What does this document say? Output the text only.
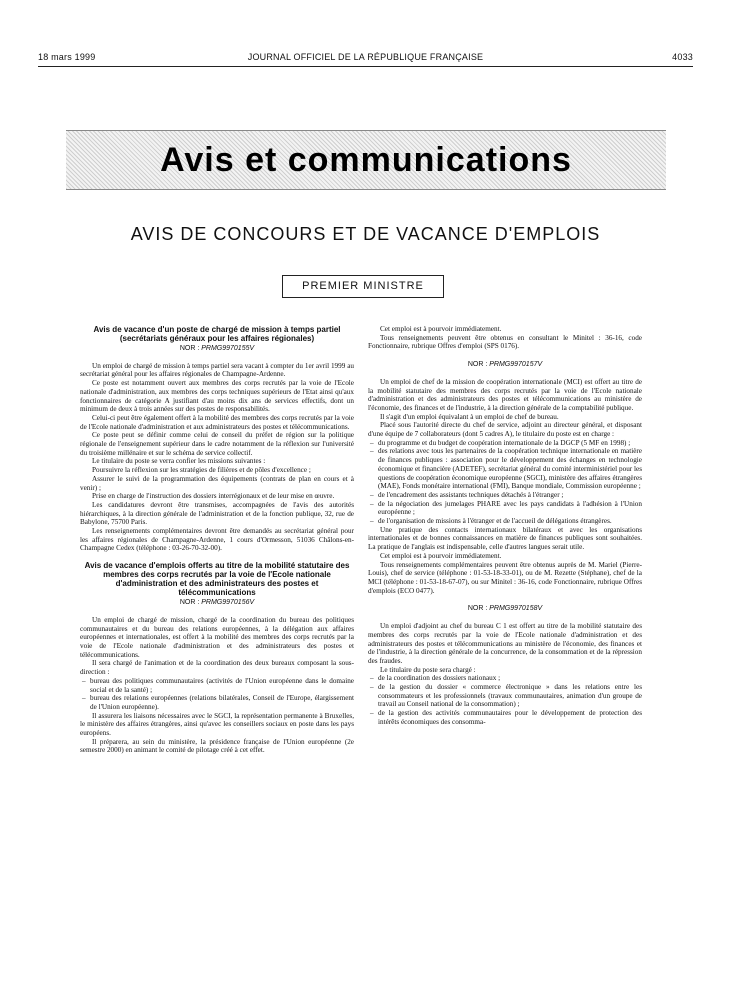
18 mars 1999	JOURNAL OFFICIEL DE LA RÉPUBLIQUE FRANÇAISE	4033
Avis et communications
AVIS DE CONCOURS ET DE VACANCE D'EMPLOIS
PREMIER MINISTRE
Avis de vacance d'un poste de chargé de mission à temps partiel (secrétariats généraux pour les affaires régionales)
NOR : PRMG9970155V

Un emploi de chargé de mission à temps partiel sera vacant à compter du 1er avril 1999 au secrétariat général pour les affaires régionales de Champagne-Ardenne.

Ce poste est notamment ouvert aux membres des corps recrutés par la voie de l'Ecole nationale d'administration, aux membres des corps techniques supérieurs de l'Etat ainsi qu'aux fonctionnaires de catégorie A justifiant d'au moins dix ans de services effectifs, dont un minimum de deux à trois années sur des postes de responsabilités.

Celui-ci peut être également offert à la mobilité des membres des corps recrutés par la voie de l'Ecole nationale d'administration et aux administrateurs des postes et télécommunications.

Ce poste peut se définir comme celui de conseil du préfet de région sur la politique régionale de l'enseignement supérieur dans le cadre notamment de la réflexion sur l'université du troisième millénaire et sur le schéma de service collectif.

Le titulaire du poste se verra confier les missions suivantes :

Poursuivre la réflexion sur les stratégies de filières et de pôles d'excellence ;

Assurer le suivi de la programmation des équipements (contrats de plan en cours et à venir) ;

Prise en charge de l'instruction des dossiers interrégionaux et de leur mise en œuvre.

Les candidatures devront être transmises, accompagnées de l'avis des autorités hiérarchiques, à la direction générale de l'administration et de la fonction publique, 32, rue de Babylone, 75700 Paris.

Les renseignements complémentaires devront être demandés au secrétariat général pour les affaires régionales de Champagne-Ardenne, 1 cours d'Ormesson, 51036 Châlons-en-Champagne Cedex (téléphone : 03-26-70-32-00).

Avis de vacance d'emplois offerts au titre de la mobilité statutaire des membres des corps recrutés par la voie de l'Ecole nationale d'administration et des administrateurs des postes et télécommunications
NOR : PRMG9970156V

Un emploi de chargé de mission, chargé de la coordination du bureau des politiques communautaires et du bureau des relations européennes, à la délégation aux affaires européennes et internationales, est offert à la mobilité des membres des corps recrutés par la voie de l'Ecole nationale d'administration et des administrateurs des postes et télécommunications.

Il sera chargé de l'animation et de la coordination des deux bureaux composant la sous-direction :

– bureau des politiques communautaires (activités de l'Union européenne dans le domaine social et de la santé) ;
– bureau des relations européennes (relations bilatérales, Conseil de l'Europe, élargissement de l'Union européenne).

Il assurera les liaisons nécessaires avec le SGCI, la représentation permanente à Bruxelles, le ministère des affaires étrangères, ainsi qu'avec les conseillers sociaux en poste dans les pays européens.

Il préparera, au sein du ministère, la présidence française de l'Union européenne (2e semestre 2000) en animant le comité de pilotage créé à cet effet.

Cet emploi est à pourvoir immédiatement.

Tous renseignements peuvent être obtenus en consultant le Minitel : 36-16, code Fonctionnaire, rubrique Offres d'emploi (SPS 0176).

NOR : PRMG9970157V

Un emploi de chef de la mission de coopération internationale (MCI) est offert au titre de la mobilité statutaire des membres des corps recrutés par la voie de l'Ecole nationale d'administration et des administrateurs des postes et télécommunications au ministère de l'économie, des finances et de l'industrie, à la direction générale de la comptabilité publique.

Il s'agit d'un emploi équivalant à un emploi de chef de bureau.

Placé sous l'autorité directe du chef de service, adjoint au directeur général, et disposant d'une équipe de 7 collaborateurs (dont 5 cadres A), le titulaire du poste est en charge :

– du programme et du budget de coopération internationale de la DGCP (5 MF en 1998) ;
– des relations avec tous les partenaires de la coopération technique internationale en matière de finances publiques : association pour le développement des échanges en technologie économique et financière (ADETEF), secrétariat général du comité interministériel pour les questions de coopération économique européenne (SGCI), ministère des affaires étrangères (MAE), Fonds monétaire international (FMI), Banque mondiale, Commission européenne ;
– de l'encadrement des assistants techniques détachés à l'étranger ;
– de la négociation des jumelages PHARE avec les pays candidats à l'adhésion à l'Union européenne ;
– de l'organisation de missions à l'étranger et de l'accueil de délégations étrangères.

Une pratique des contacts internationaux bilatéraux et avec les organisations internationales et de bonnes connaissances en matière de finances publiques sont souhaitées. La pratique de l'anglais est indispensable, celle d'autres langues serait utile.

Cet emploi est à pourvoir immédiatement.

Tous renseignements complémentaires peuvent être obtenus auprès de M. Mariel (Pierre-Louis), chef de service (téléphone : 01-53-18-33-01), ou de M. Rezette (Stéphane), chef de la MCI (téléphone : 01-53-18-67-07), ou sur Minitel : 36-16, code Fonctionnaire, rubrique Offres d'emplois (ECO 0477).

NOR : PRMG9970158V

Un emploi d'adjoint au chef du bureau C 1 est offert au titre de la mobilité statutaire des membres des corps recrutés par la voie de l'Ecole nationale d'administration et des administrateurs des postes et télécommunications au ministère de l'économie, des finances et de l'industrie, à la direction générale de la concurrence, de la consommation et de la répression des fraudes.

Le titulaire du poste sera chargé :

– de la coordination des dossiers nationaux ;
– de la gestion du dossier « commerce électronique » dans les relations entre les consommateurs et les professionnels (travaux communautaires, animation d'un groupe de travail au Conseil national de la consommation) ;
– de la gestion des activités communautaires pour le développement de protection des intérêts économiques des consomma-
